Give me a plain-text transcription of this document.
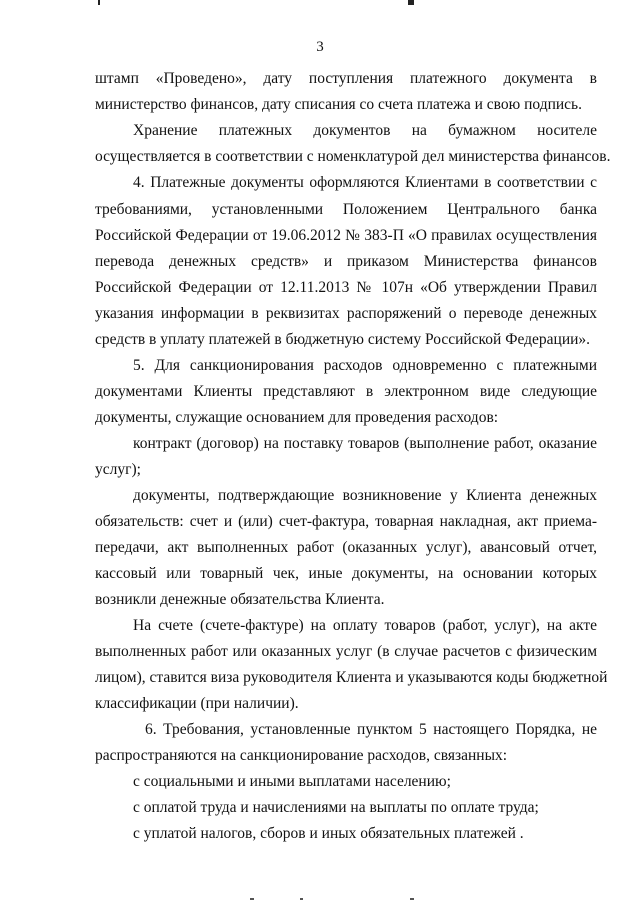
3
штамп «Проведено», дату поступления платежного документа в
министерство финансов, дату списания со счета платежа и свою подпись.
Хранение платежных документов на бумажном носителе
осуществляется в соответствии с номенклатурой дел министерства финансов.
4. Платежные документы оформляются Клиентами в соответствии с
требованиями, установленными Положением Центрального банка
Российской Федерации от 19.06.2012 № 383-П «О правилах осуществления
перевода денежных средств» и приказом Министерства финансов
Российской Федерации от 12.11.2013 № 107н «Об утверждении Правил
указания информации в реквизитах распоряжений о переводе денежных
средств в уплату платежей в бюджетную систему Российской Федерации».
5. Для санкционирования расходов одновременно с платежными
документами Клиенты представляют в электронном виде следующие
документы, служащие основанием для проведения расходов:
контракт (договор) на поставку товаров (выполнение работ, оказание
услуг);
документы, подтверждающие возникновение у Клиента денежных
обязательств: счет и (или) счет-фактура, товарная накладная, акт приема-
передачи, акт выполненных работ (оказанных услуг), авансовый отчет,
кассовый или товарный чек, иные документы, на основании которых
возникли денежные обязательства Клиента.
На счете (счете-фактуре) на оплату товаров (работ, услуг), на акте
выполненных работ или оказанных услуг (в случае расчетов с физическим
лицом), ставится виза руководителя Клиента и указываются коды бюджетной
классификации (при наличии).
6. Требования, установленные пунктом 5 настоящего Порядка, не
распространяются на санкционирование расходов, связанных:
с социальными и иными выплатами населению;
с оплатой труда и начислениями на выплаты по оплате труда;
с уплатой налогов, сборов и иных обязательных платежей .
